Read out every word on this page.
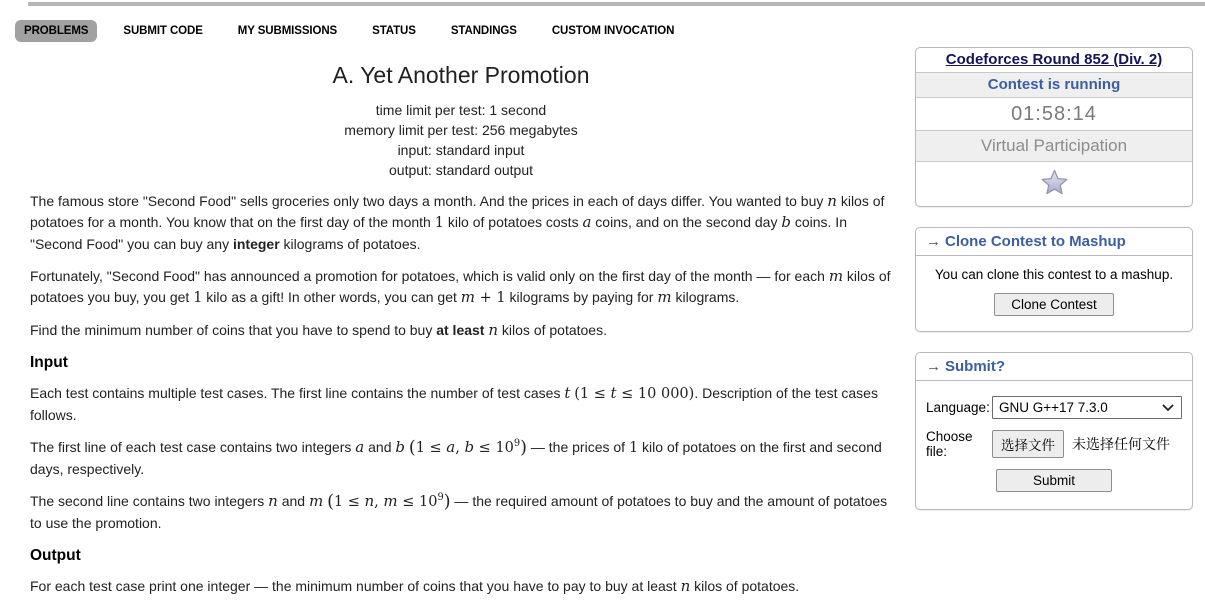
PROBLEMS	SUBMIT CODE	MY SUBMISSIONS	STATUS	STANDINGS	CUSTOM INVOCATION
A. Yet Another Promotion
time limit per test: 1 second
memory limit per test: 256 megabytes
input: standard input
output: standard output
The famous store "Second Food" sells groceries only two days a month. And the prices in each of days differ. You wanted to buy n kilos of potatoes for a month. You know that on the first day of the month 1 kilo of potatoes costs a coins, and on the second day b coins. In "Second Food" you can buy any integer kilograms of potatoes.
Fortunately, "Second Food" has announced a promotion for potatoes, which is valid only on the first day of the month — for each m kilos of potatoes you buy, you get 1 kilo as a gift! In other words, you can get m + 1 kilograms by paying for m kilograms.
Find the minimum number of coins that you have to spend to buy at least n kilos of potatoes.
Input
Each test contains multiple test cases. The first line contains the number of test cases t (1 ≤ t ≤ 10 000). Description of the test cases follows.
The first line of each test case contains two integers a and b (1 ≤ a, $b \le 10^9$) — the prices of 1 kilo of potatoes on the first and second days, respectively.
The second line contains two integers n and m (1 ≤ n, $m \le 10^9$) — the required amount of potatoes to buy and the amount of potatoes to use the promotion.
Output
For each test case print one integer — the minimum number of coins that you have to pay to buy at least n kilos of potatoes.
Codeforces Round 852 (Div. 2)
Contest is running
01:58:14
Virtual Participation
→ Clone Contest to Mashup
You can clone this contest to a mashup.
Clone Contest
→ Submit?
Language:
GNU G++17 7.3.0
Choose file:	选择文件	未选择任何文件
Submit
